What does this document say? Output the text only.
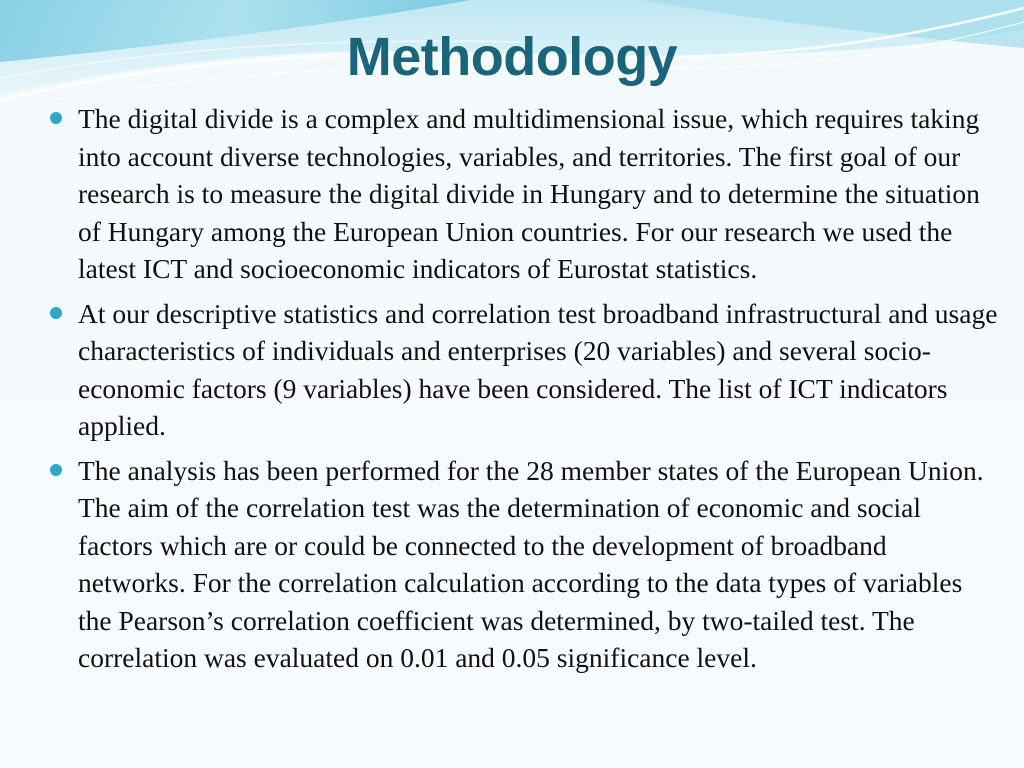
Methodology
The digital divide is a complex and multidimensional issue, which requires taking into account diverse technologies, variables, and territories. The first goal of our research is to measure the digital divide in Hungary and to determine the situation of Hungary among the European Union countries. For our research we used the latest ICT and socioeconomic indicators of Eurostat statistics.
At our descriptive statistics and correlation test broadband infrastructural and usage characteristics of individuals and enterprises (20 variables) and several socio-economic factors (9 variables) have been considered. The list of ICT indicators applied.
The analysis has been performed for the 28 member states of the European Union. The aim of the correlation test was the determination of economic and social factors which are or could be connected to the development of broadband networks. For the correlation calculation according to the data types of variables the Pearson’s correlation coefficient was determined, by two-tailed test. The correlation was evaluated on 0.01 and 0.05 significance level.
